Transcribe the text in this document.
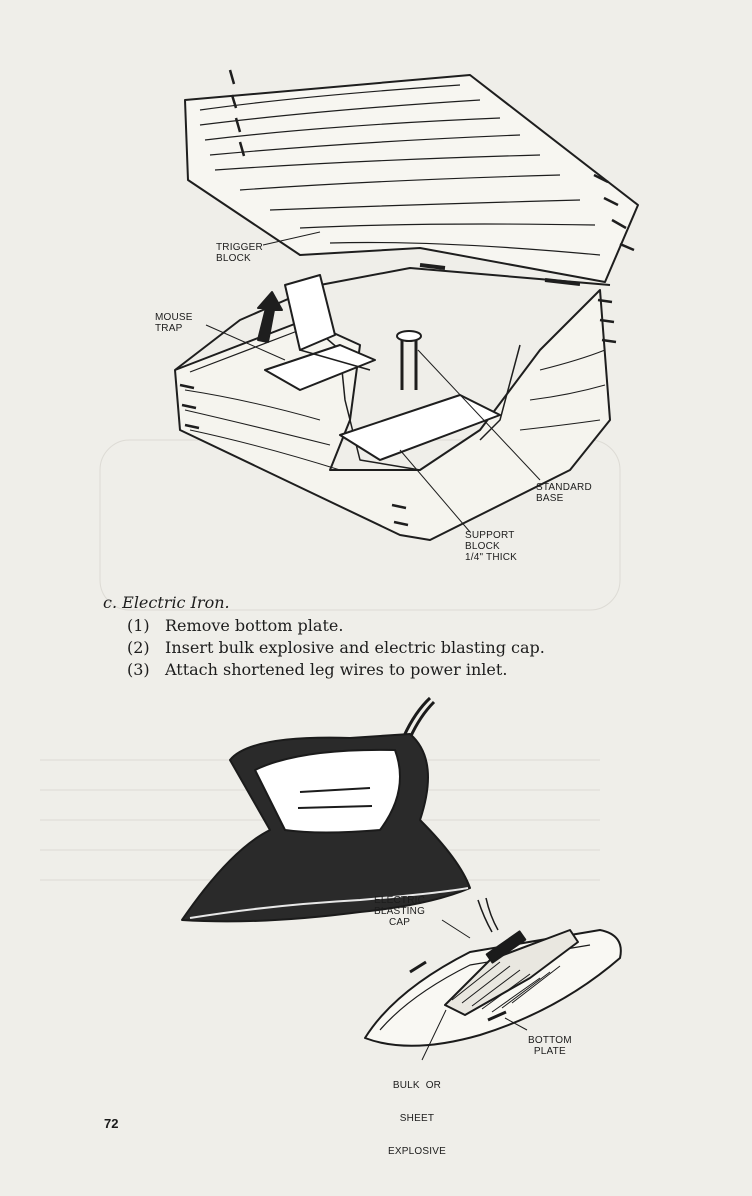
TRIGGER
BLOCK
MOUSE
TRAP
STANDARD
BASE
SUPPORT
BLOCK
1/4" THICK
c. Electric Iron.
(1) Remove bottom plate.
(2) Insert bulk explosive and electric blasting cap.
(3) Attach shortened leg wires to power inlet.
ELECTRIC
BLASTING
CAP
BOTTOM
PLATE

BULK  OR

SHEET

EXPLOSIVE

72
